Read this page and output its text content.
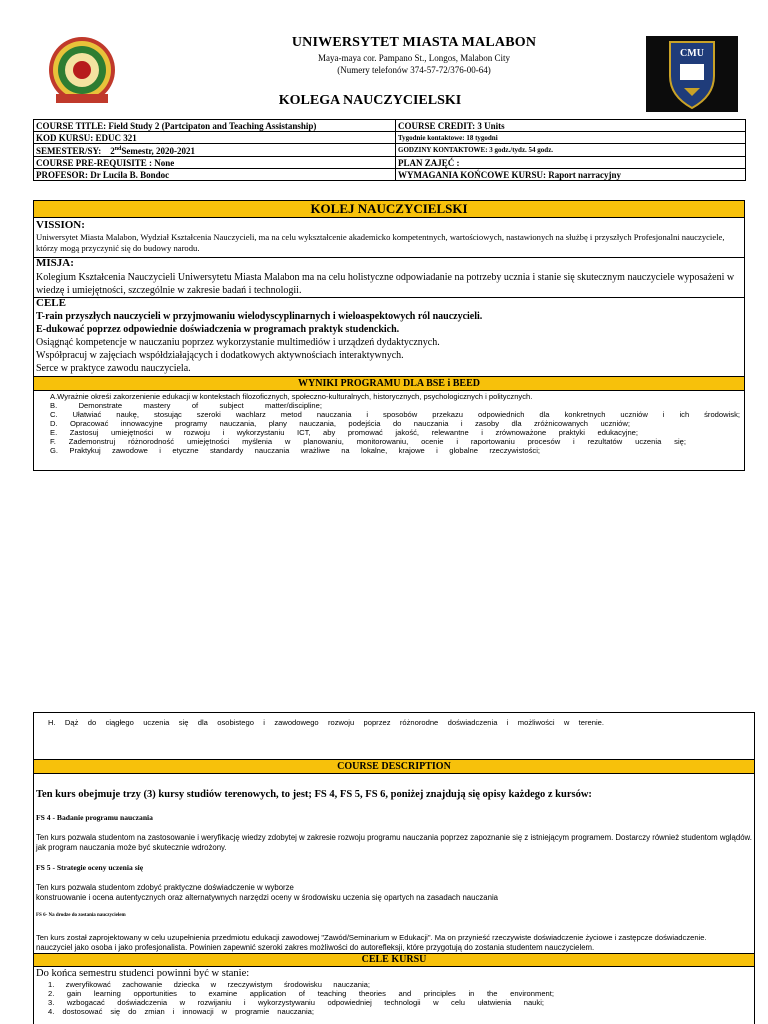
UNIWERSYTET MIASTA MALABON
Maya-maya cor. Pampano St., Longos, Malabon City
(Numery telefonów 374-57-72/376-00-64)
CMU
KOLEGA NAUCZYCIELSKI
COURSE TITLE: Field Study 2 (Partcipaton and Teaching Assistanship)	COURSE CREDIT: 3 Units
KOD KURSU: EDUC 321	Tygodnie kontaktowe: 18 tygodni
SEMESTER/SY: 2ndSemestr, 2020-2021	GODZINY KONTAKTOWE: 3 godz./tydz. 54 godz.
COURSE PRE-REQUISITE : None	PLAN ZAJĘĆ :
PROFESOR: Dr Lucila B. Bondoc	WYMAGANIA KOŃCOWE KURSU: Raport narracyjny
KOLEJ NAUCZYCIELSKI
VISSION:
Uniwersytet Miasta Malabon, Wydział Kształcenia Nauczycieli, ma na celu wykształcenie akademicko kompetentnych, wartościowych, nastawionych na służbę i przyszłych Profesjonalni nauczyciele, którzy mogą przyczynić się do budowy narodu.
MISJA:
Kolegium Kształcenia Nauczycieli Uniwersytetu Miasta Malabon ma na celu holistyczne odpowiadanie na potrzeby ucznia i stanie się skutecznym nauczyciele wyposażeni w wiedzę i umiejętności, szczególnie w zakresie badań i technologii.
CELE
T-rain przyszłych nauczycieli w przyjmowaniu wielodyscyplinarnych i wieloaspektowych ról nauczycieli.
E-dukować poprzez odpowiednie doświadczenia w programach praktyk studenckich.
Osiągnąć kompetencje w nauczaniu poprzez wykorzystanie multimediów i urządzeń dydaktycznych.
Współpracuj w zajęciach współdziałających i dodatkowych aktywnościach interaktywnych.
Serce w praktyce zawodu nauczyciela.
WYNIKI PROGRAMU DLA BSE i BEED
A.Wyrażnie okreśi zakorzenienie edukacji w kontekstach filozoficznych, społeczno-kulturalnych, historycznych, psychologicznych i politycznych.
B. Demonstrate mastery of subject matter/discipline;
C. Ułatwiać naukę, stosując szeroki wachlarz metod nauczania i sposobów przekazu odpowiednich dla konkretnych uczniów i ich środowisk;
D. Opracować innowacyjne programy nauczania, plany nauczania, podejścia do nauczania i zasoby dla zróżnicowanych uczniów;
E. Zastosuj umiejętności w rozwoju i wykorzystaniu ICT, aby promować jakość, relewantne i zrównoważone praktyki edukacyjne;
F. Zademonstruj różnorodność umiejętności myślenia w planowaniu, monitorowaniu, ocenie i raportowaniu procesów i rezultatów uczenia się;
G. Praktykuj zawodowe i etyczne standardy nauczania wrażliwe na lokalne, krajowe i globalne rzeczywistości;
H. Dąż do ciągłego uczenia się dla osobistego i zawodowego rozwoju poprzez różnorodne doświadczenia i możliwości w terenie.
COURSE DESCRIPTION
Ten kurs obejmuje trzy (3) kursy studiów terenowych, to jest; FS 4, FS 5, FS 6, poniżej znajdują się opisy każdego z kursów:
FS 4 - Badanie programu nauczania
Ten kurs pozwala studentom na zastosowanie i weryfikację wiedzy zdobytej w zakresie rozwoju programu nauczania poprzez zapoznanie się z istniejącym programem. Dostarczy również studentom wglądów.
jak program nauczania może być skutecznie wdrożony.
FS 5 - Strategie oceny uczenia się
Ten kurs pozwala studentom zdobyć praktyczne doświadczenie w wyborze
konstruowanie i ocena autentycznych oraz alternatywnych narzędzi oceny w środowisku uczenia się opartych na zasadach nauczania
FS 6- Na drodze do zostania nauczycielem
Ten kurs został zaprojektowany w celu uzupełnienia przedmiotu edukacji zawodowej "Zawód/Seminarium w Edukacji". Ma on przynieść rzeczywiste doświadczenie życiowe i zastępcze doświadczenie.
nauczyciel jako osoba i jako profesjonalista. Powinien zapewnić szeroki zakres możliwości do autorefleksji, które przygotują do zostania studentem nauczycielem.
CELE KURSU
Do końca semestru studenci powinni być w stanie:
1. zweryfikować zachowanie dziecka w rzeczywistym środowisku nauczania;
2. gain learning opportunities to examine application of teaching theories and principles in the environment;
3. wzbogacać doświadczenia w rozwijaniu i wykorzystywaniu odpowiedniej technologii w celu ułatwienia nauki;
4. dostosować się do zmian i innowacji w programie nauczania;
